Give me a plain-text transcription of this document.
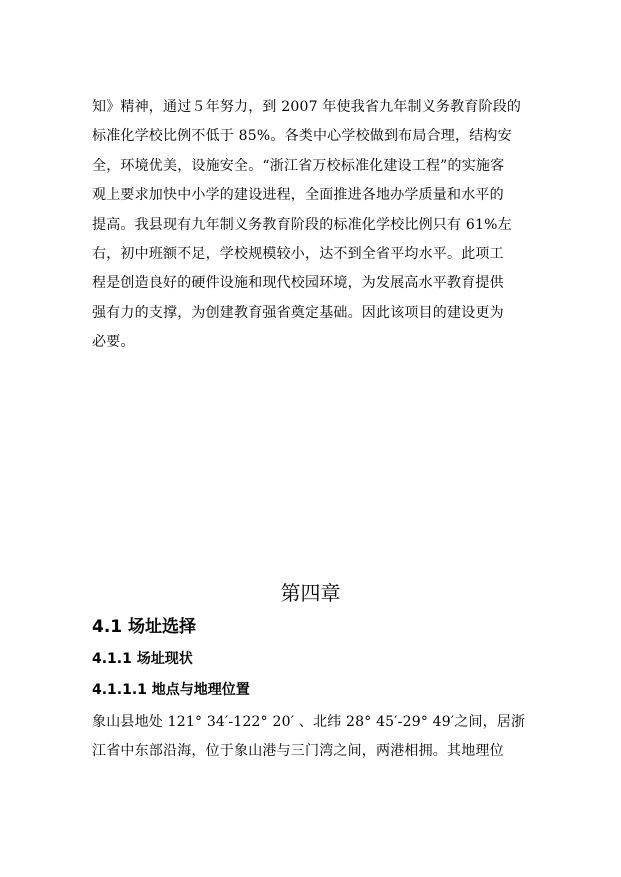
知》精神，通过５年努力，到 2007 年使我省九年制义务教育阶段的
标准化学校比例不低于 85%。各类中心学校做到布局合理，结构安
全，环境优美，设施安全。“浙江省万校标准化建设工程”的实施客
观上要求加快中小学的建设进程，全面推进各地办学质量和水平的
提高。我县现有九年制义务教育阶段的标准化学校比例只有 61%左
右，初中班额不足，学校规模较小，达不到全省平均水平。此项工
程是创造良好的硬件设施和现代校园环境，为发展高水平教育提供
强有力的支撑，为创建教育强省奠定基础。因此该项目的建设更为
必要。
第四章
4.1 场址选择
4.1.1 场址现状
4.1.1.1 地点与地理位置
象山县地处 121° 34′-122° 20′ 、北纬 28° 45′-29° 49′之间，居浙
江省中东部沿海，位于象山港与三门湾之间，两港相拥。其地理位
